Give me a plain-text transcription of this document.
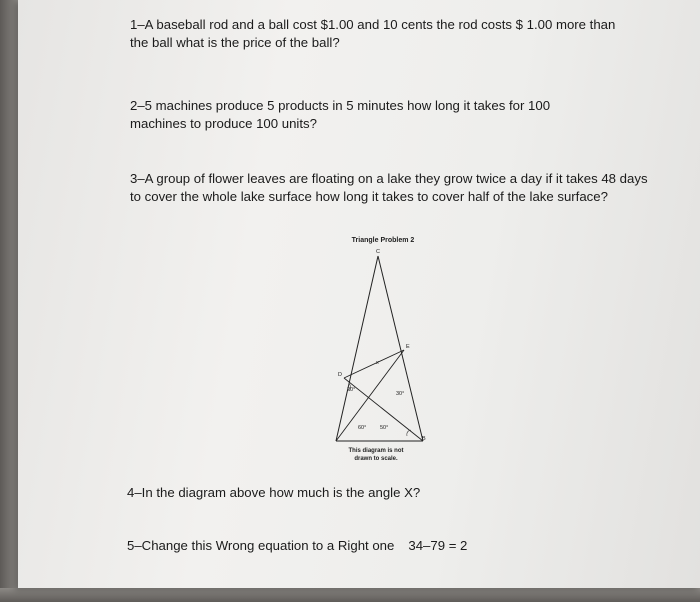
1–A baseball rod and a ball cost $1.00 and 10 cents the rod costs $ 1.00 more than the ball what is the price of the ball?
2–5 machines produce 5 products in 5 minutes how long it takes for 100 machines to produce 100 units?
3–A group of flower leaves are floating on a lake they grow twice a day if it takes 48 days to cover the whole lake surface how long it takes to cover half of the lake surface?
Triangle Problem 2
C
D
E
B
x
20°
30°
60° 50°
This diagram is not
drawn to scale.
4–In the diagram above how much is the angle X?
5–Change this Wrong equation to a Right one 34–79 = 2
